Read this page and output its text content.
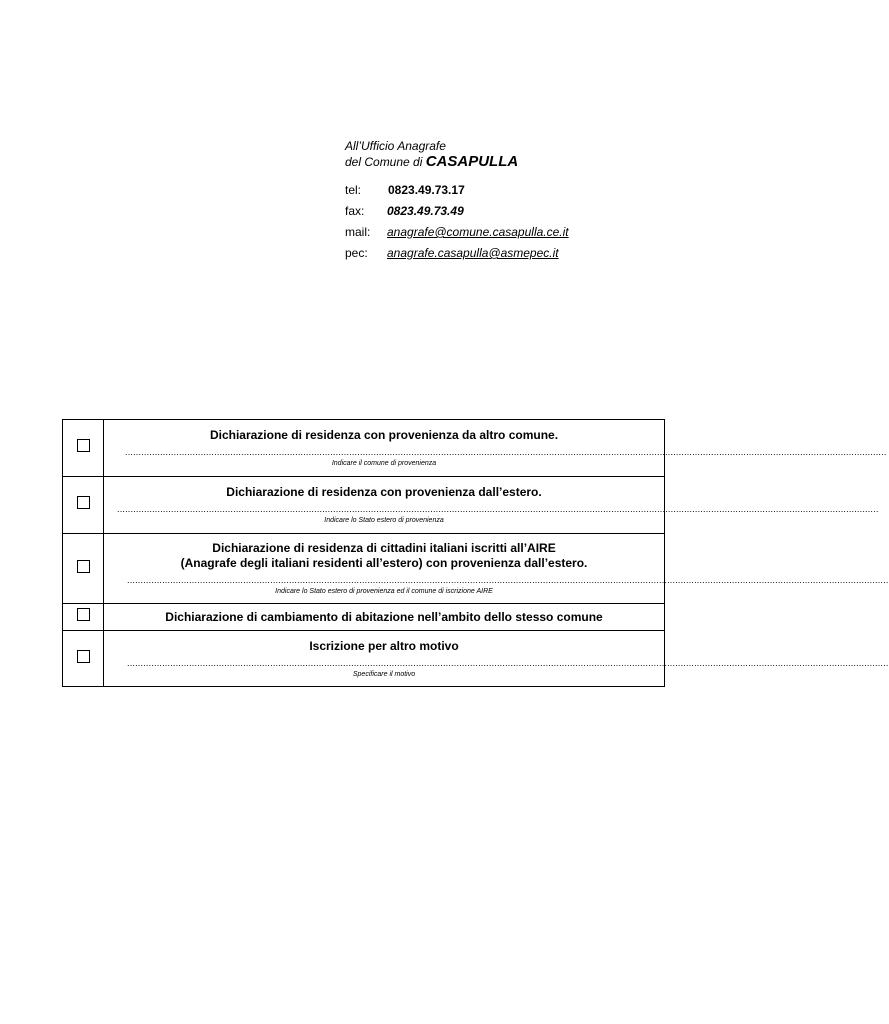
All’Ufficio Anagrafe
del Comune di CASAPULLA
tel:	0823.49.73.17
fax:	0823.49.73.49
mail:	anagrafe@comune.casapulla.ce.it
pec:	anagrafe.casapulla@asmepec.it

	Dichiarazione di residenza con provenienza da altro comune.
..........................................................................................................................................................................................................................................................................................
Indicare il comune di provenienza

	Dichiarazione di residenza con provenienza dall’estero.
..........................................................................................................................................................................................................................................................................................
Indicare lo Stato estero di provenienza

	Dichiarazione di residenza di cittadini italiani iscritti all’AIRE
(Anagrafe degli italiani residenti all’estero) con provenienza dall’estero.
..........................................................................................................................................................................................................................................................................................
Indicare lo Stato estero di provenienza ed il comune di iscrizione AIRE

	Dichiarazione di cambiamento di abitazione nell’ambito dello stesso comune

	Iscrizione per altro motivo
..........................................................................................................................................................................................................................................................................................
Specificare il motivo
